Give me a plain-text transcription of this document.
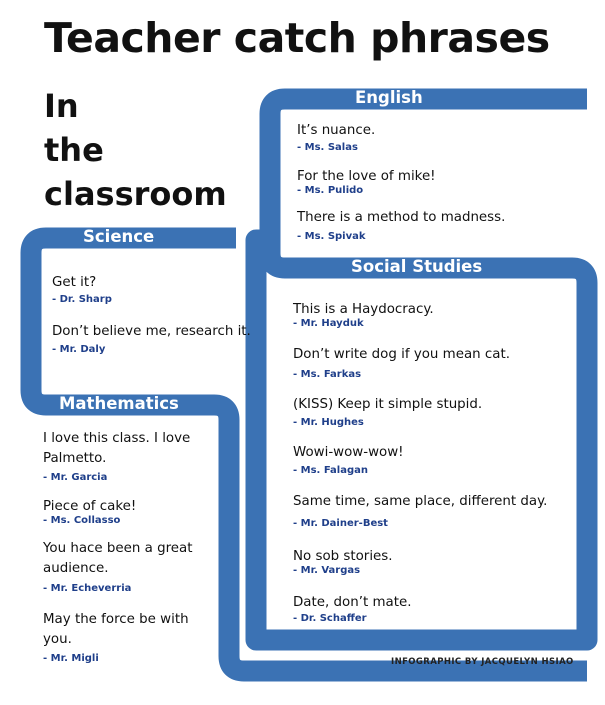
Teacher catch phrases
In
the
classroom
English
Science
Social Studies
Mathematics
It’s nuance.
- Ms. Salas
For the love of mike!
- Ms. Pulido
There is a method to madness.
- Ms. Spivak
Get it?
- Dr. Sharp
Don’t believe me, research it.
- Mr. Daly
This is a Haydocracy.
- Mr. Hayduk
Don’t write dog if you mean cat.
- Ms. Farkas
(KISS) Keep it simple stupid.
- Mr. Hughes
Wowi-wow-wow!
- Ms. Falagan
Same time, same place, different day.
- Mr. Dainer-Best
No sob stories.
- Mr. Vargas
Date, don’t mate.
- Dr. Schaffer
I love this class. I love
Palmetto.
- Mr. Garcia
Piece of cake!
- Ms. Collasso
You hace been a great
audience.
- Mr. Echeverria
May the force be with
you.
- Mr. Migli	INFOGRAPHIC BY JACQUELYN HSIAO
